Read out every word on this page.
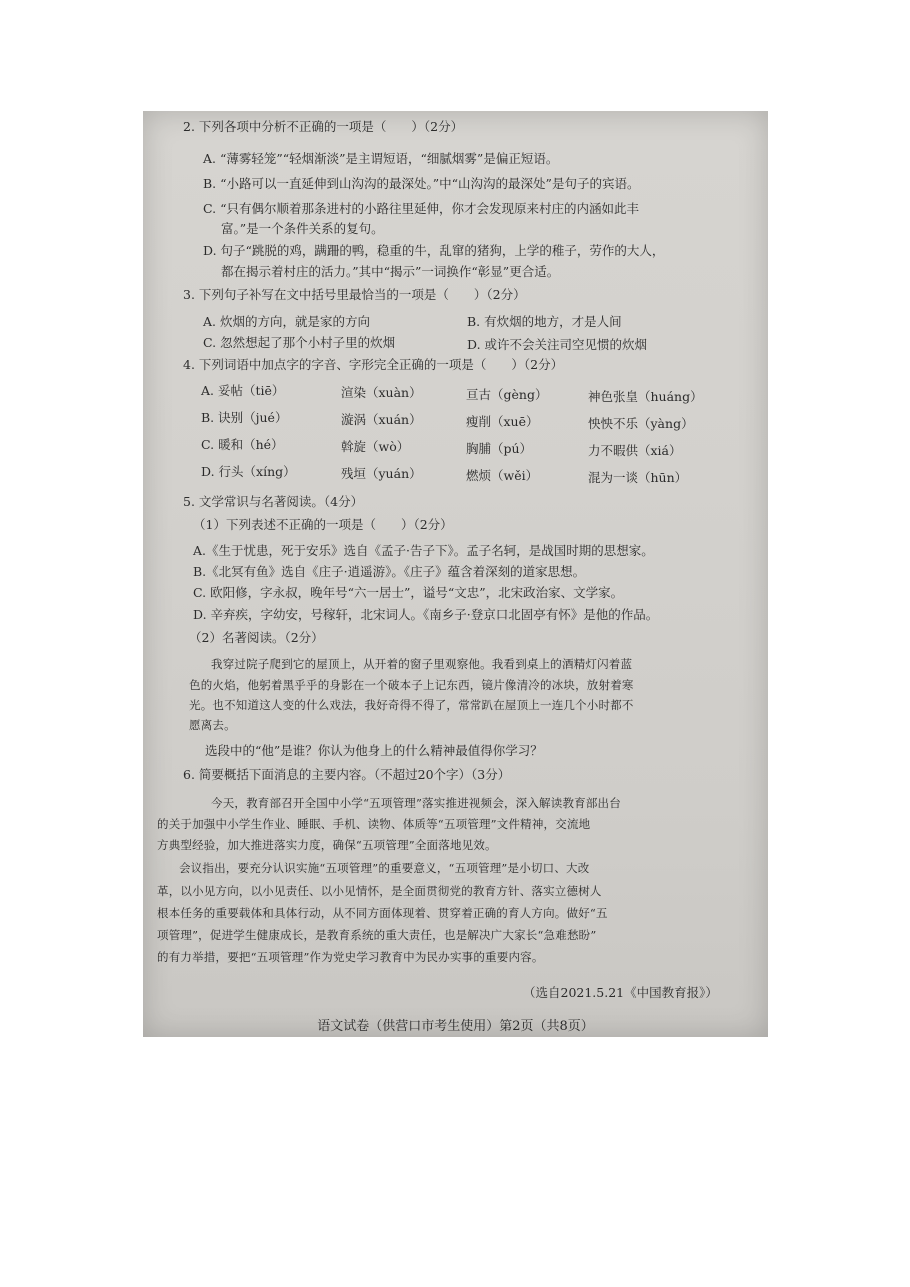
2. 下列各项中分析不正确的一项是（　　）（2分）
A. “薄雾轻笼”“轻烟渐淡”是主谓短语，“细腻烟雾”是偏正短语。
B. “小路可以一直延伸到山沟沟的最深处。”中“山沟沟的最深处”是句子的宾语。
C. “只有偶尔顺着那条进村的小路往里延伸，你才会发现原来村庄的内涵如此丰
富。”是一个条件关系的复句。
D. 句子“跳脱的鸡，蹒跚的鸭，稳重的牛，乱窜的猪狗，上学的稚子，劳作的大人，
都在揭示着村庄的活力。”其中“揭示”一词换作“彰显”更合适。
3. 下列句子补写在文中括号里最恰当的一项是（　　）（2分）
A. 炊烟的方向，就是家的方向	B. 有炊烟的地方，才是人间
C. 忽然想起了那个小村子里的炊烟	D. 或许不会关注司空见惯的炊烟
4. 下列词语中加点字的字音、字形完全正确的一项是（　　）（2分）
A. 妥帖（tiē）	渲染（xuàn）	亘古（gèng）	神色张皇（huáng）
B. 诀别（jué）	漩涡（xuán）	瘦削（xuē）	怏怏不乐（yàng）
C. 暖和（hé）	斡旋（wò）	胸脯（pú）	力不暇供（xiá）
D. 行头（xíng）	残垣（yuán）	燃烦（wěi）	混为一谈（hūn）
5. 文学常识与名著阅读。（4分）
（1）下列表述不正确的一项是（　　）（2分）
A.《生于忧患，死于安乐》选自《孟子·告子下》。孟子名轲，是战国时期的思想家。
B.《北冥有鱼》选自《庄子·逍遥游》。《庄子》蕴含着深刻的道家思想。
C. 欧阳修，字永叔，晚年号“六一居士”，谥号“文忠”，北宋政治家、文学家。
D. 辛弃疾，字幼安，号稼轩，北宋词人。《南乡子·登京口北固亭有怀》是他的作品。
（2）名著阅读。（2分）
我穿过院子爬到它的屋顶上，从开着的窗子里观察他。我看到桌上的酒精灯闪着蓝
色的火焰，他躬着黑乎乎的身影在一个破本子上记东西，镜片像清冷的冰块，放射着寒
光。也不知道这人变的什么戏法，我好奇得不得了，常常趴在屋顶上一连几个小时都不
愿离去。
选段中的“他”是谁？你认为他身上的什么精神最值得你学习？
6. 简要概括下面消息的主要内容。（不超过20个字）（3分）
今天，教育部召开全国中小学“五项管理”落实推进视频会，深入解读教育部出台
的关于加强中小学生作业、睡眠、手机、读物、体质等“五项管理”文件精神，交流地
方典型经验，加大推进落实力度，确保“五项管理”全面落地见效。
会议指出，要充分认识实施“五项管理”的重要意义，“五项管理”是小切口、大改
革，以小见方向，以小见责任、以小见情怀，是全面贯彻党的教育方针、落实立德树人
根本任务的重要载体和具体行动，从不同方面体现着、贯穿着正确的育人方向。做好“五
项管理”，促进学生健康成长，是教育系统的重大责任，也是解决广大家长“急难愁盼”
的有力举措，要把“五项管理”作为党史学习教育中为民办实事的重要内容。
（选自2021.5.21《中国教育报》）
语文试卷（供营口市考生使用）第2页（共8页）
